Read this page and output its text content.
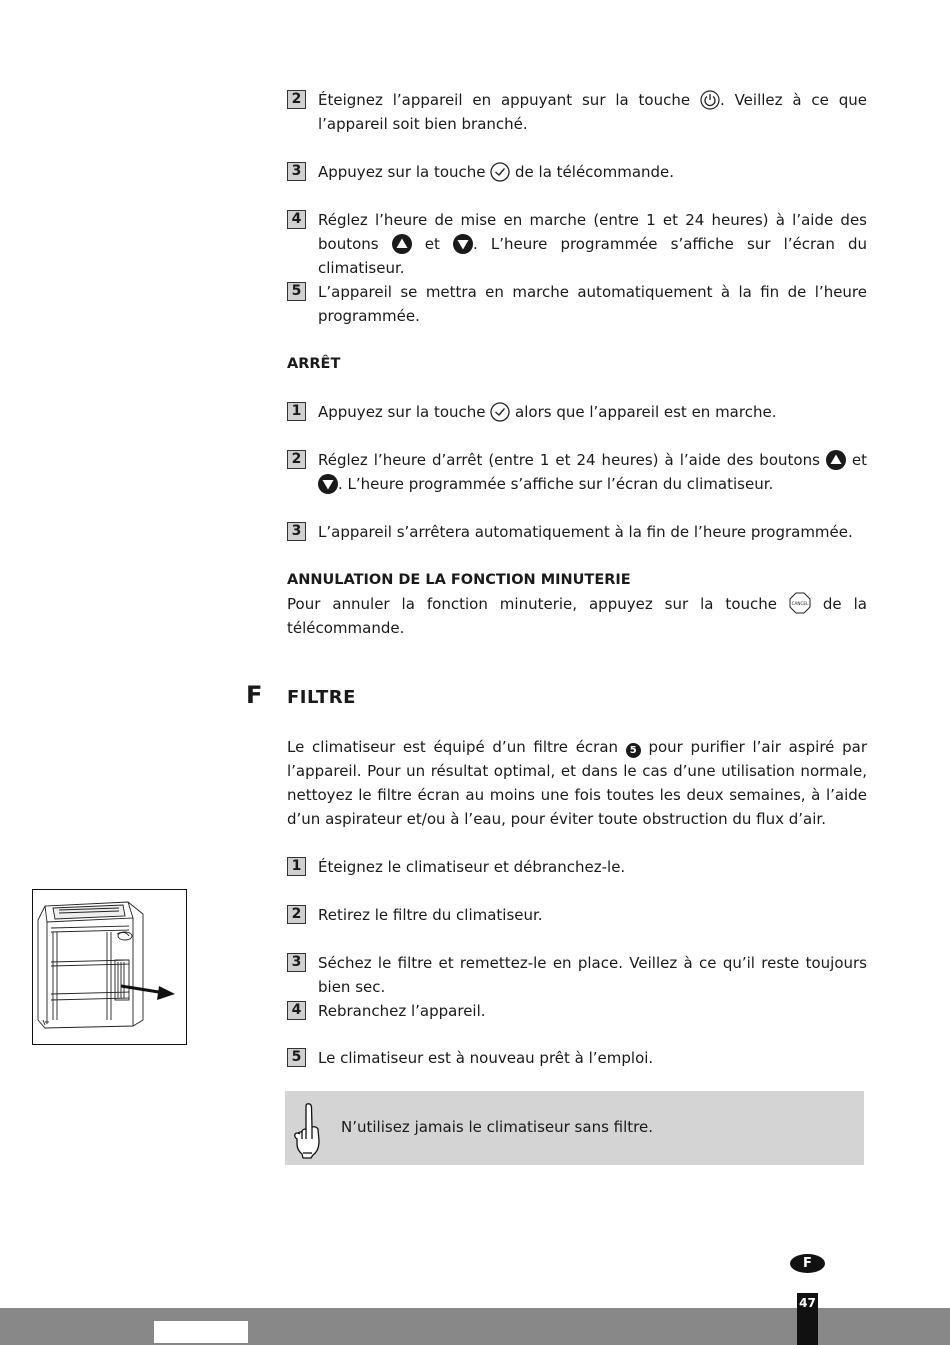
2	Éteignez l’appareil en appuyant sur la touche . Veillez à ce que l’appareil soit bien branché.
3	Appuyez sur la touche  de la télécommande.
4	Réglez l’heure de mise en marche (entre 1 et 24 heures) à l’aide des boutons  et . L’heure programmée s’affiche sur l’écran du climatiseur.
5	L’appareil se mettra en marche automatiquement à la fin de l’heure programmée.
ARRÊT
1	Appuyez sur la touche  alors que l’appareil est en marche.
2	Réglez l’heure d’arrêt (entre 1 et 24 heures) à l’aide des boutons  et . L’heure programmée s’affiche sur l’écran du climatiseur.
3	L’appareil s’arrêtera automatiquement à la fin de l’heure programmée.
ANNULATION DE LA FONCTION MINUTERIE
Pour annuler la fonction minuterie, appuyez sur la touche CANCEL de la télécommande.
F FILTRE
Le climatiseur est équipé d’un filtre écran 5 pour purifier l’air aspiré par l’appareil. Pour un résultat optimal, et dans le cas d’une utilisation normale, nettoyez le filtre écran au moins une fois toutes les deux semaines, à l’aide d’un aspirateur et/ou à l’eau, pour éviter toute obstruction du flux d’air.
1	Éteignez le climatiseur et débranchez-le.
2	Retirez le filtre du climatiseur.
3	Séchez le filtre et remettez-le en place. Veillez à ce qu’il reste toujours bien sec.
4	Rebranchez l’appareil.
5	Le climatiseur est à nouveau prêt à l’emploi.
N’utilisez jamais le climatiseur sans filtre.
F
47
